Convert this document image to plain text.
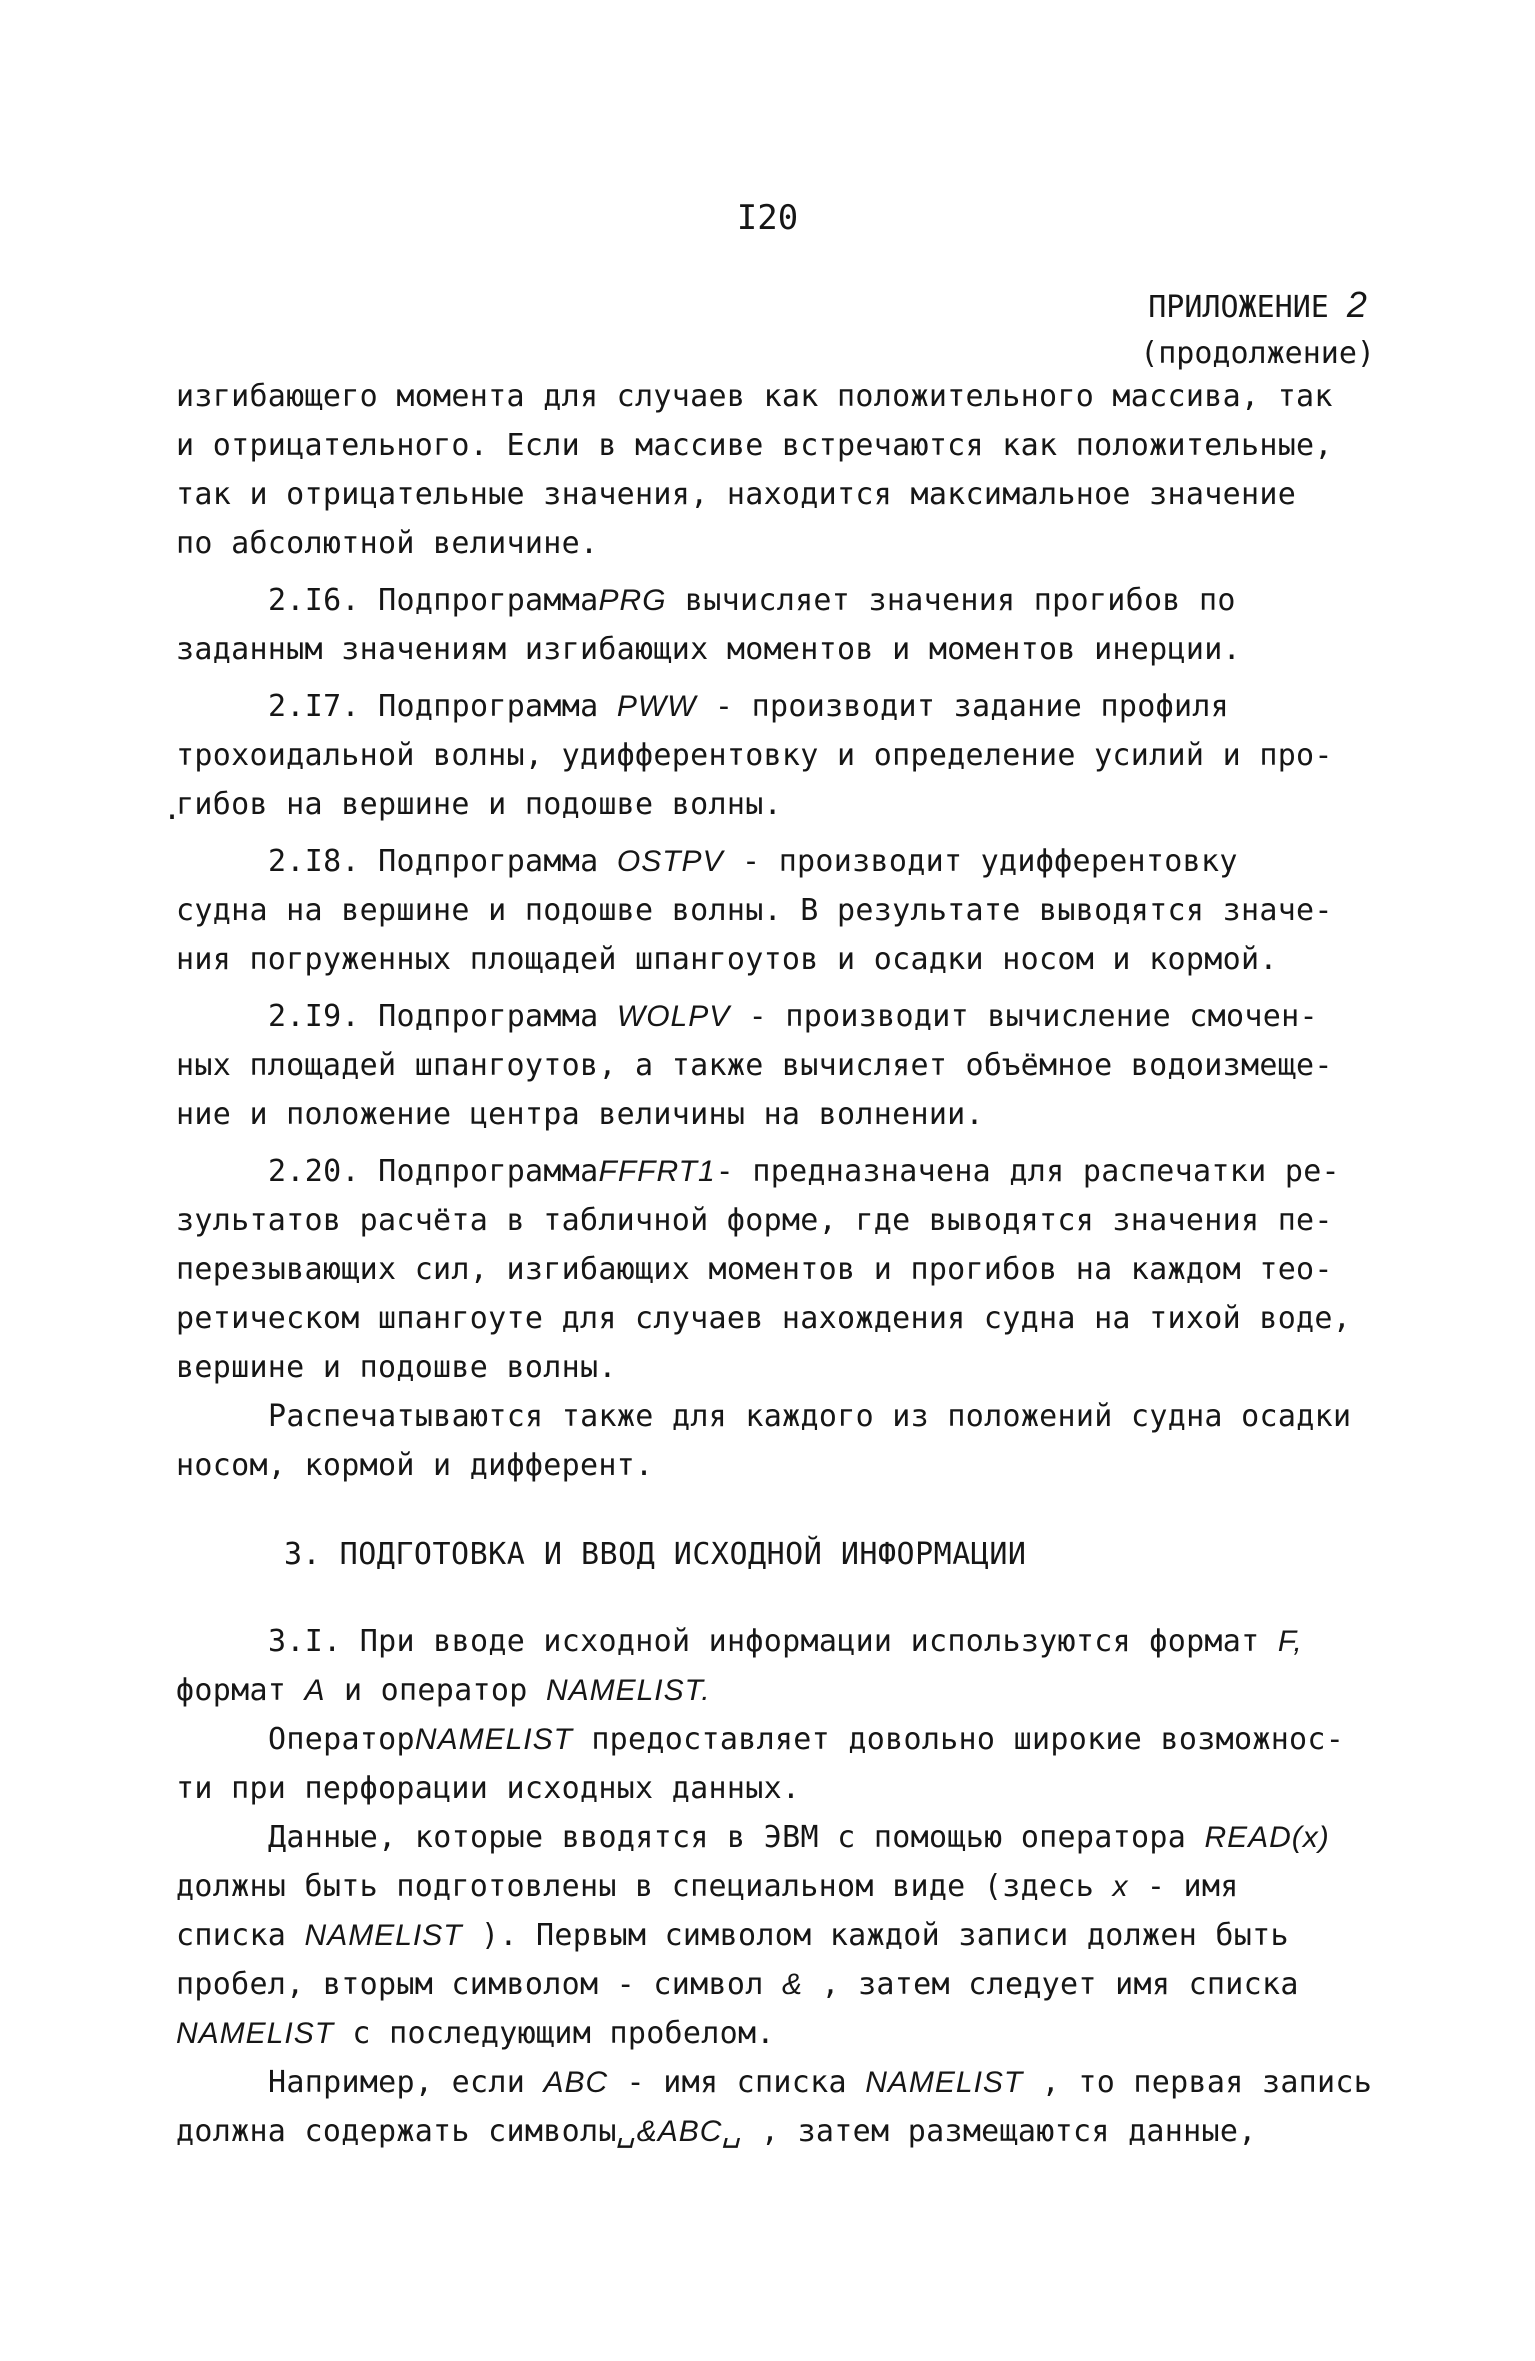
I20
ПРИЛОЖЕНИЕ 2
(продолжение)
.
изгибающего момента для случаев как положительного массива, так
и отрицательного. Если в массиве встречаются как положительные,
так и отрицательные значения, находится максимальное значение
по абсолютной величине.
2.I6. ПодпрограммаPRG вычисляет значения прогибов по
заданным значениям изгибающих моментов и моментов инерции.
2.I7. Подпрограмма PWW - производит задание профиля
трохоидальной волны, удифферентовку и определение усилий и про-
гибов на вершине и подошве волны.
2.I8. Подпрограмма OSTPV - производит удифферентовку
судна на вершине и подошве волны. В результате выводятся значе-
ния погруженных площадей шпангоутов и осадки носом и кормой.
2.I9. Подпрограмма WOLPV - производит вычисление смочен-
ных площадей шпангоутов, а также вычисляет объёмное водоизмеще-
ние и положение центра величины на волнении.
2.20. ПодпрограммаFFFRT1- предназначена для распечатки ре-
зультатов расчёта в табличной форме, где выводятся значения пе-
перезывающих сил, изгибающих моментов и прогибов на каждом тео-
ретическом шпангоуте для случаев нахождения судна на тихой воде,
вершине и подошве волны.
Распечатываются также для каждого из положений судна осадки
носом, кормой и дифферент.
3. ПОДГОТОВКА И ВВОД ИСХОДНОЙ ИНФОРМАЦИИ
3.I. При вводе исходной информации используются формат F,
формат A и оператор NAMELIST.
ОператорNAMELIST предоставляет довольно широкие возможнос-
ти при перфорации исходных данных.
Данные, которые вводятся в ЭВМ с помощью оператора READ(x)
должны быть подготовлены в специальном виде (здесь x - имя
списка NAMELIST ). Первым символом каждой записи должен быть
пробел, вторым символом - символ & , затем следует имя списка
NAMELIST с последующим пробелом.
Например, если ABC - имя списка NAMELIST , то первая запись
должна содержать символы␣&ABC␣ , затем размещаются данные,
